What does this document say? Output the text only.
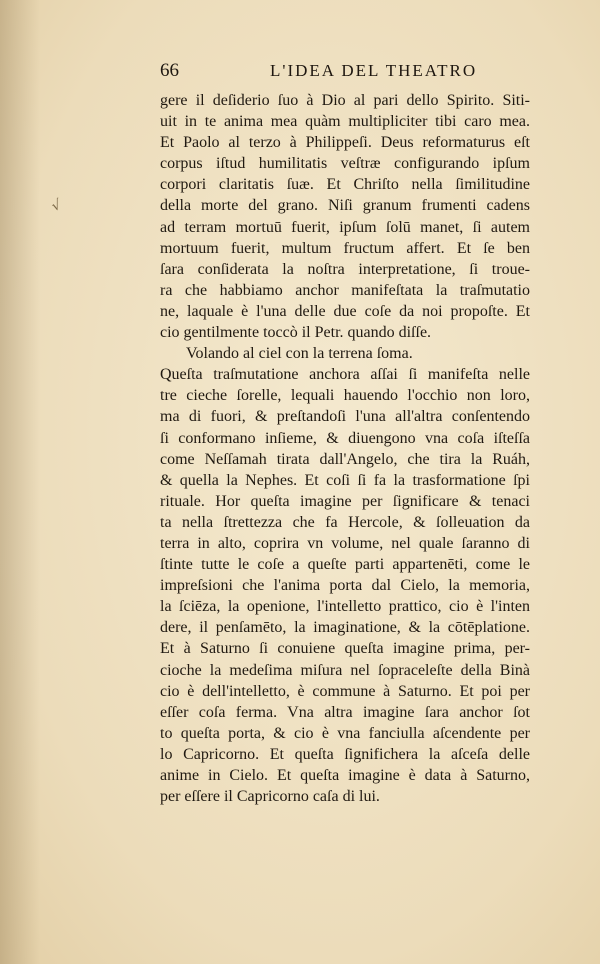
66	L'IDEA DEL THEATRO
√
gere il deſiderio ſuo à Dio al pari dello Spirito. Siti-
uit in te anima mea quàm multipliciter tibi caro mea.
Et Paolo al terzo à Philippeſi. Deus reformaturus eſt
corpus iſtud humilitatis veſtræ configurando ipſum
corpori claritatis ſuæ. Et Chriſto nella ſimilitudine
della morte del grano. Niſi granum frumenti cadens
ad terram mortuū fuerit, ipſum ſolū manet, ſi autem
mortuum fuerit, multum fructum affert. Et ſe ben
ſara conſiderata la noſtra interpretatione, ſi troue-
ra che habbiamo anchor manifeſtata la traſmutatio
ne, laquale è l'una delle due coſe da noi propoſte. Et
cio gentilmente toccò il Petr. quando diſſe.
Volando al ciel con la terrena ſoma.
Queſta traſmutatione anchora aſſai ſi manifeſta nelle
tre cieche ſorelle, lequali hauendo l'occhio non loro,
ma di fuori, & preſtandoſi l'una all'altra conſentendo
ſi conformano inſieme, & diuengono vna coſa iſteſſa
come Neſſamah tirata dall'Angelo, che tira la Ruáh,
& quella la Nephes. Et coſi ſi fa la trasformatione ſpi
rituale. Hor queſta imagine per ſignificare & tenaci
ta nella ſtrettezza che fa Hercole, & ſolleuation da
terra in alto, coprira vn volume, nel quale ſaranno di
ſtinte tutte le coſe a queſte parti appartenēti, come le
impreſsioni che l'anima porta dal Cielo, la memoria,
la ſciēza, la openione, l'intelletto prattico, cio è l'inten
dere, il penſamēto, la imaginatione, & la cōtēplatione.
Et à Saturno ſi conuiene queſta imagine prima, per-
cioche la medeſima miſura nel ſopraceleſte della Binà
cio è dell'intelletto, è commune à Saturno. Et poi per
eſſer coſa ferma. Vna altra imagine ſara anchor ſot
to queſta porta, & cio è vna fanciulla aſcendente per
lo Capricorno. Et queſta ſignifichera la aſceſa delle
anime in Cielo. Et queſta imagine è data à Saturno,
per eſſere il Capricorno caſa di lui.
